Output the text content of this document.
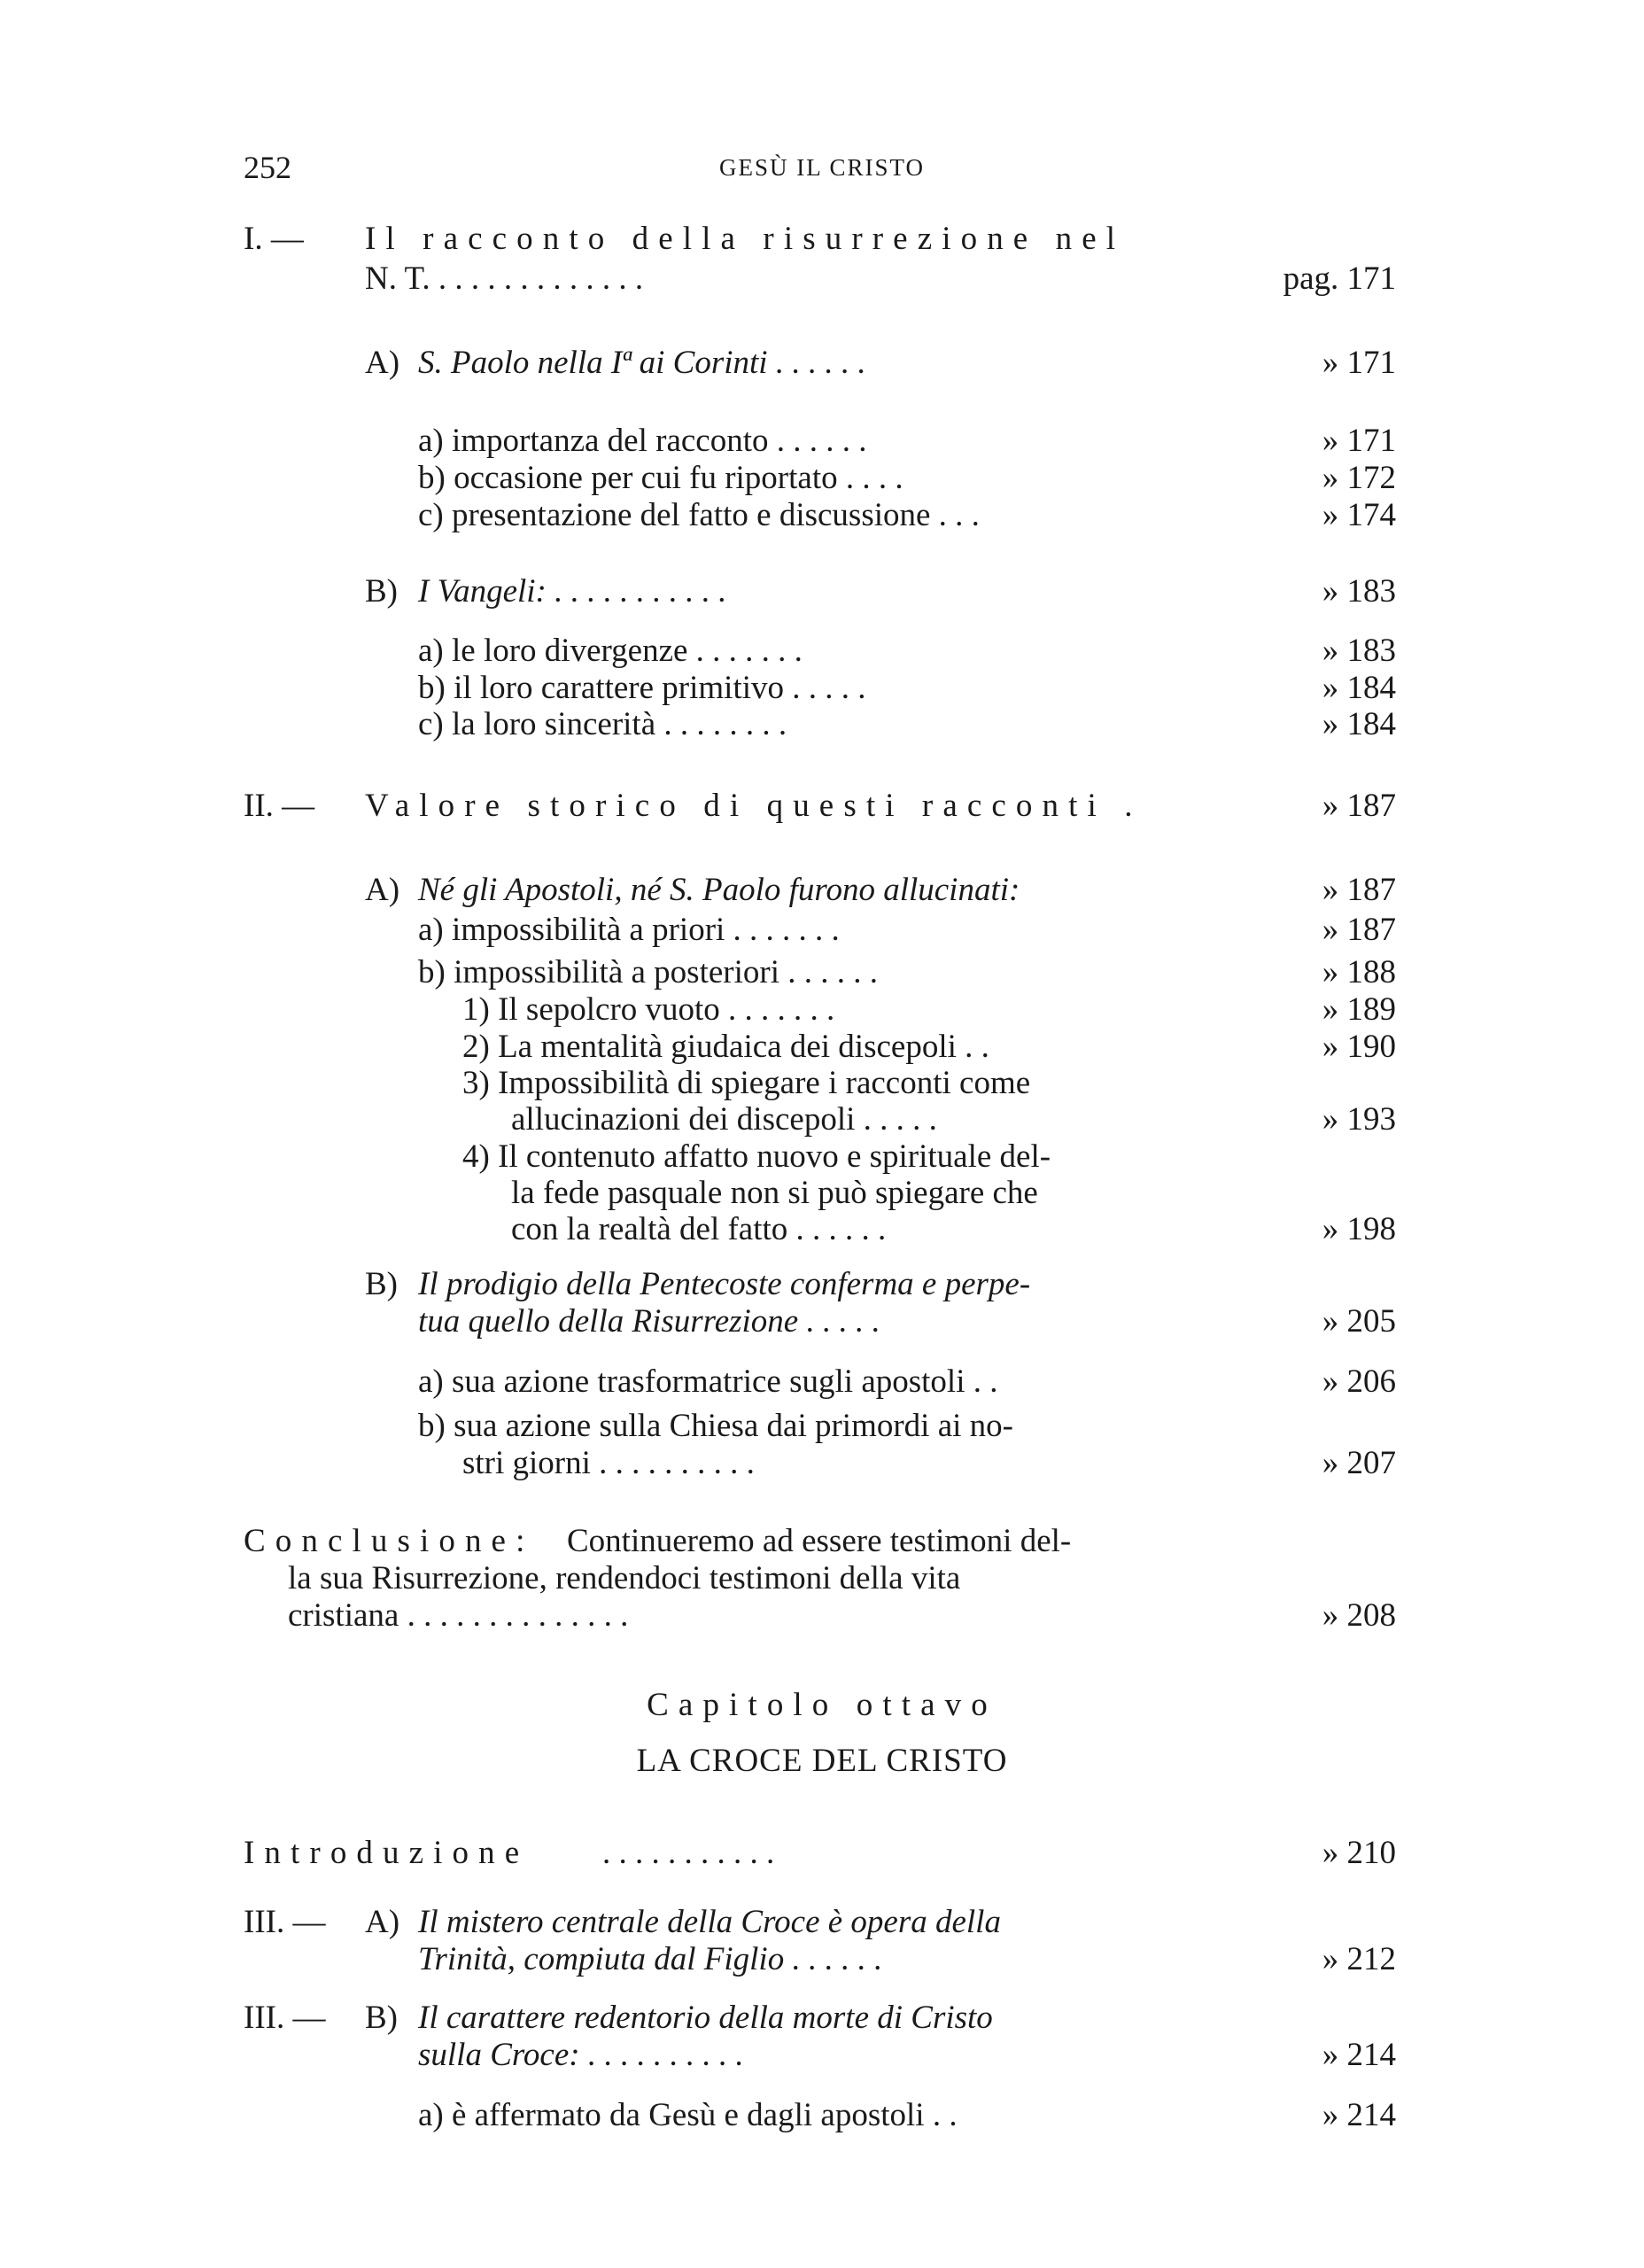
252	GESÙ IL CRISTO
I. — Il racconto della risurrezione nel
N. T. . . . . . . . . . . . . .	pag. 171
A) S. Paolo nella Iª ai Corinti . . . . . .	» 171
a) importanza del racconto . . . . . .	» 171
b) occasione per cui fu riportato . . . .	» 172
c) presentazione del fatto e discussione . . .	» 174
B) I Vangeli: . . . . . . . . . . .	» 183
a) le loro divergenze . . . . . . .	» 183
b) il loro carattere primitivo . . . . .	» 184
c) la loro sincerità . . . . . . . .	» 184
II. — Valore storico di questi racconti .	» 187
A) Né gli Apostoli, né S. Paolo furono allucinati:	» 187
a) impossibilità a priori . . . . . . .	» 187
b) impossibilità a posteriori . . . . . .	» 188
1) Il sepolcro vuoto . . . . . . .	» 189
2) La mentalità giudaica dei discepoli . .	» 190
3) Impossibilità di spiegare i racconti come
allucinazioni dei discepoli . . . . .	» 193
4) Il contenuto affatto nuovo e spirituale del-
la fede pasquale non si può spiegare che
con la realtà del fatto . . . . . .	» 198
B) Il prodigio della Pentecoste conferma e perpe-
tua quello della Risurrezione . . . . .	» 205
a) sua azione trasformatrice sugli apostoli . .	» 206
b) sua azione sulla Chiesa dai primordi ai no-
stri giorni . . . . . . . . . .	» 207
Conclusione: Continueremo ad essere testimoni del-
la sua Risurrezione, rendendoci testimoni della vita
cristiana . . . . . . . . . . . . . .	» 208
Capitolo ottavo
LA CROCE DEL CRISTO
Introduzione . . . . . . . . . . .	» 210
III. — A) Il mistero centrale della Croce è opera della
Trinità, compiuta dal Figlio . . . . . .	» 212
III. — B) Il carattere redentorio della morte di Cristo
sulla Croce: . . . . . . . . . .	» 214
a) è affermato da Gesù e dagli apostoli . .	» 214
